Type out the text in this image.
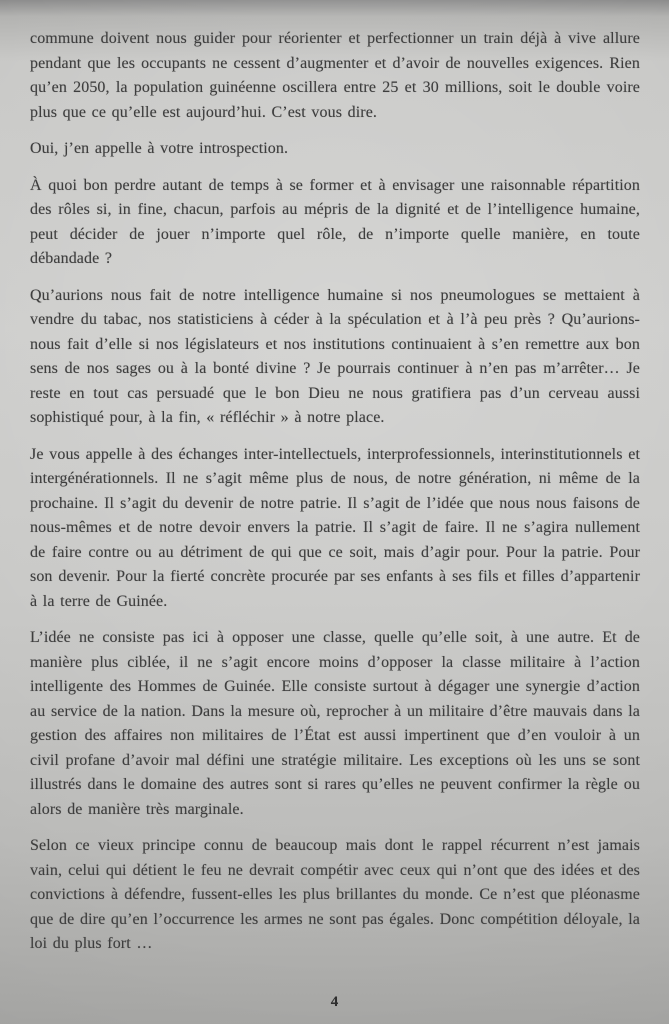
commune doivent nous guider pour réorienter et perfectionner un train déjà à vive allure pendant que les occupants ne cessent d’augmenter et d’avoir de nouvelles exigences. Rien qu’en 2050, la population guinéenne oscillera entre 25 et 30 millions, soit le double voire plus que ce qu’elle est aujourd’hui. C’est vous dire.

Oui, j’en appelle à votre introspection.

À quoi bon perdre autant de temps à se former et à envisager une raisonnable répartition des rôles si, in fine, chacun, parfois au mépris de la dignité et de l’intelligence humaine, peut décider de jouer n’importe quel rôle, de n’importe quelle manière, en toute débandade ?

Qu’aurions nous fait de notre intelligence humaine si nos pneumologues se mettaient à vendre du tabac, nos statisticiens à céder à la spéculation et à l’à peu près ? Qu’aurions-nous fait d’elle si nos législateurs et nos institutions continuaient à s’en remettre aux bon sens de nos sages ou à la bonté divine ? Je pourrais continuer à n’en pas m’arrêter… Je reste en tout cas persuadé que le bon Dieu ne nous gratifiera pas d’un cerveau aussi sophistiqué pour, à la fin, « réfléchir » à notre place.

Je vous appelle à des échanges inter-intellectuels, interprofessionnels, interinstitutionnels et intergénérationnels. Il ne s’agit même plus de nous, de notre génération, ni même de la prochaine. Il s’agit du devenir de notre patrie. Il s’agit de l’idée que nous nous faisons de nous-mêmes et de notre devoir envers la patrie. Il s’agit de faire. Il ne s’agira nullement de faire contre ou au détriment de qui que ce soit, mais d’agir pour. Pour la patrie. Pour son devenir. Pour la fierté concrète procurée par ses enfants à ses fils et filles d’appartenir à la terre de Guinée.

L’idée ne consiste pas ici à opposer une classe, quelle qu’elle soit, à une autre. Et de manière plus ciblée, il ne s’agit encore moins d’opposer la classe militaire à l’action intelligente des Hommes de Guinée. Elle consiste surtout à dégager une synergie d’action au service de la nation. Dans la mesure où, reprocher à un militaire d’être mauvais dans la gestion des affaires non militaires de l’État est aussi impertinent que d’en vouloir à un civil profane d’avoir mal défini une stratégie militaire. Les exceptions où les uns se sont illustrés dans le domaine des autres sont si rares qu’elles ne peuvent confirmer la règle ou alors de manière très marginale.

Selon ce vieux principe connu de beaucoup mais dont le rappel récurrent n’est jamais vain, celui qui détient le feu ne devrait compétir avec ceux qui n’ont que des idées et des convictions à défendre, fussent-elles les plus brillantes du monde. Ce n’est que pléonasme que de dire qu’en l’occurrence les armes ne sont pas égales. Donc compétition déloyale, la loi du plus fort …

4
